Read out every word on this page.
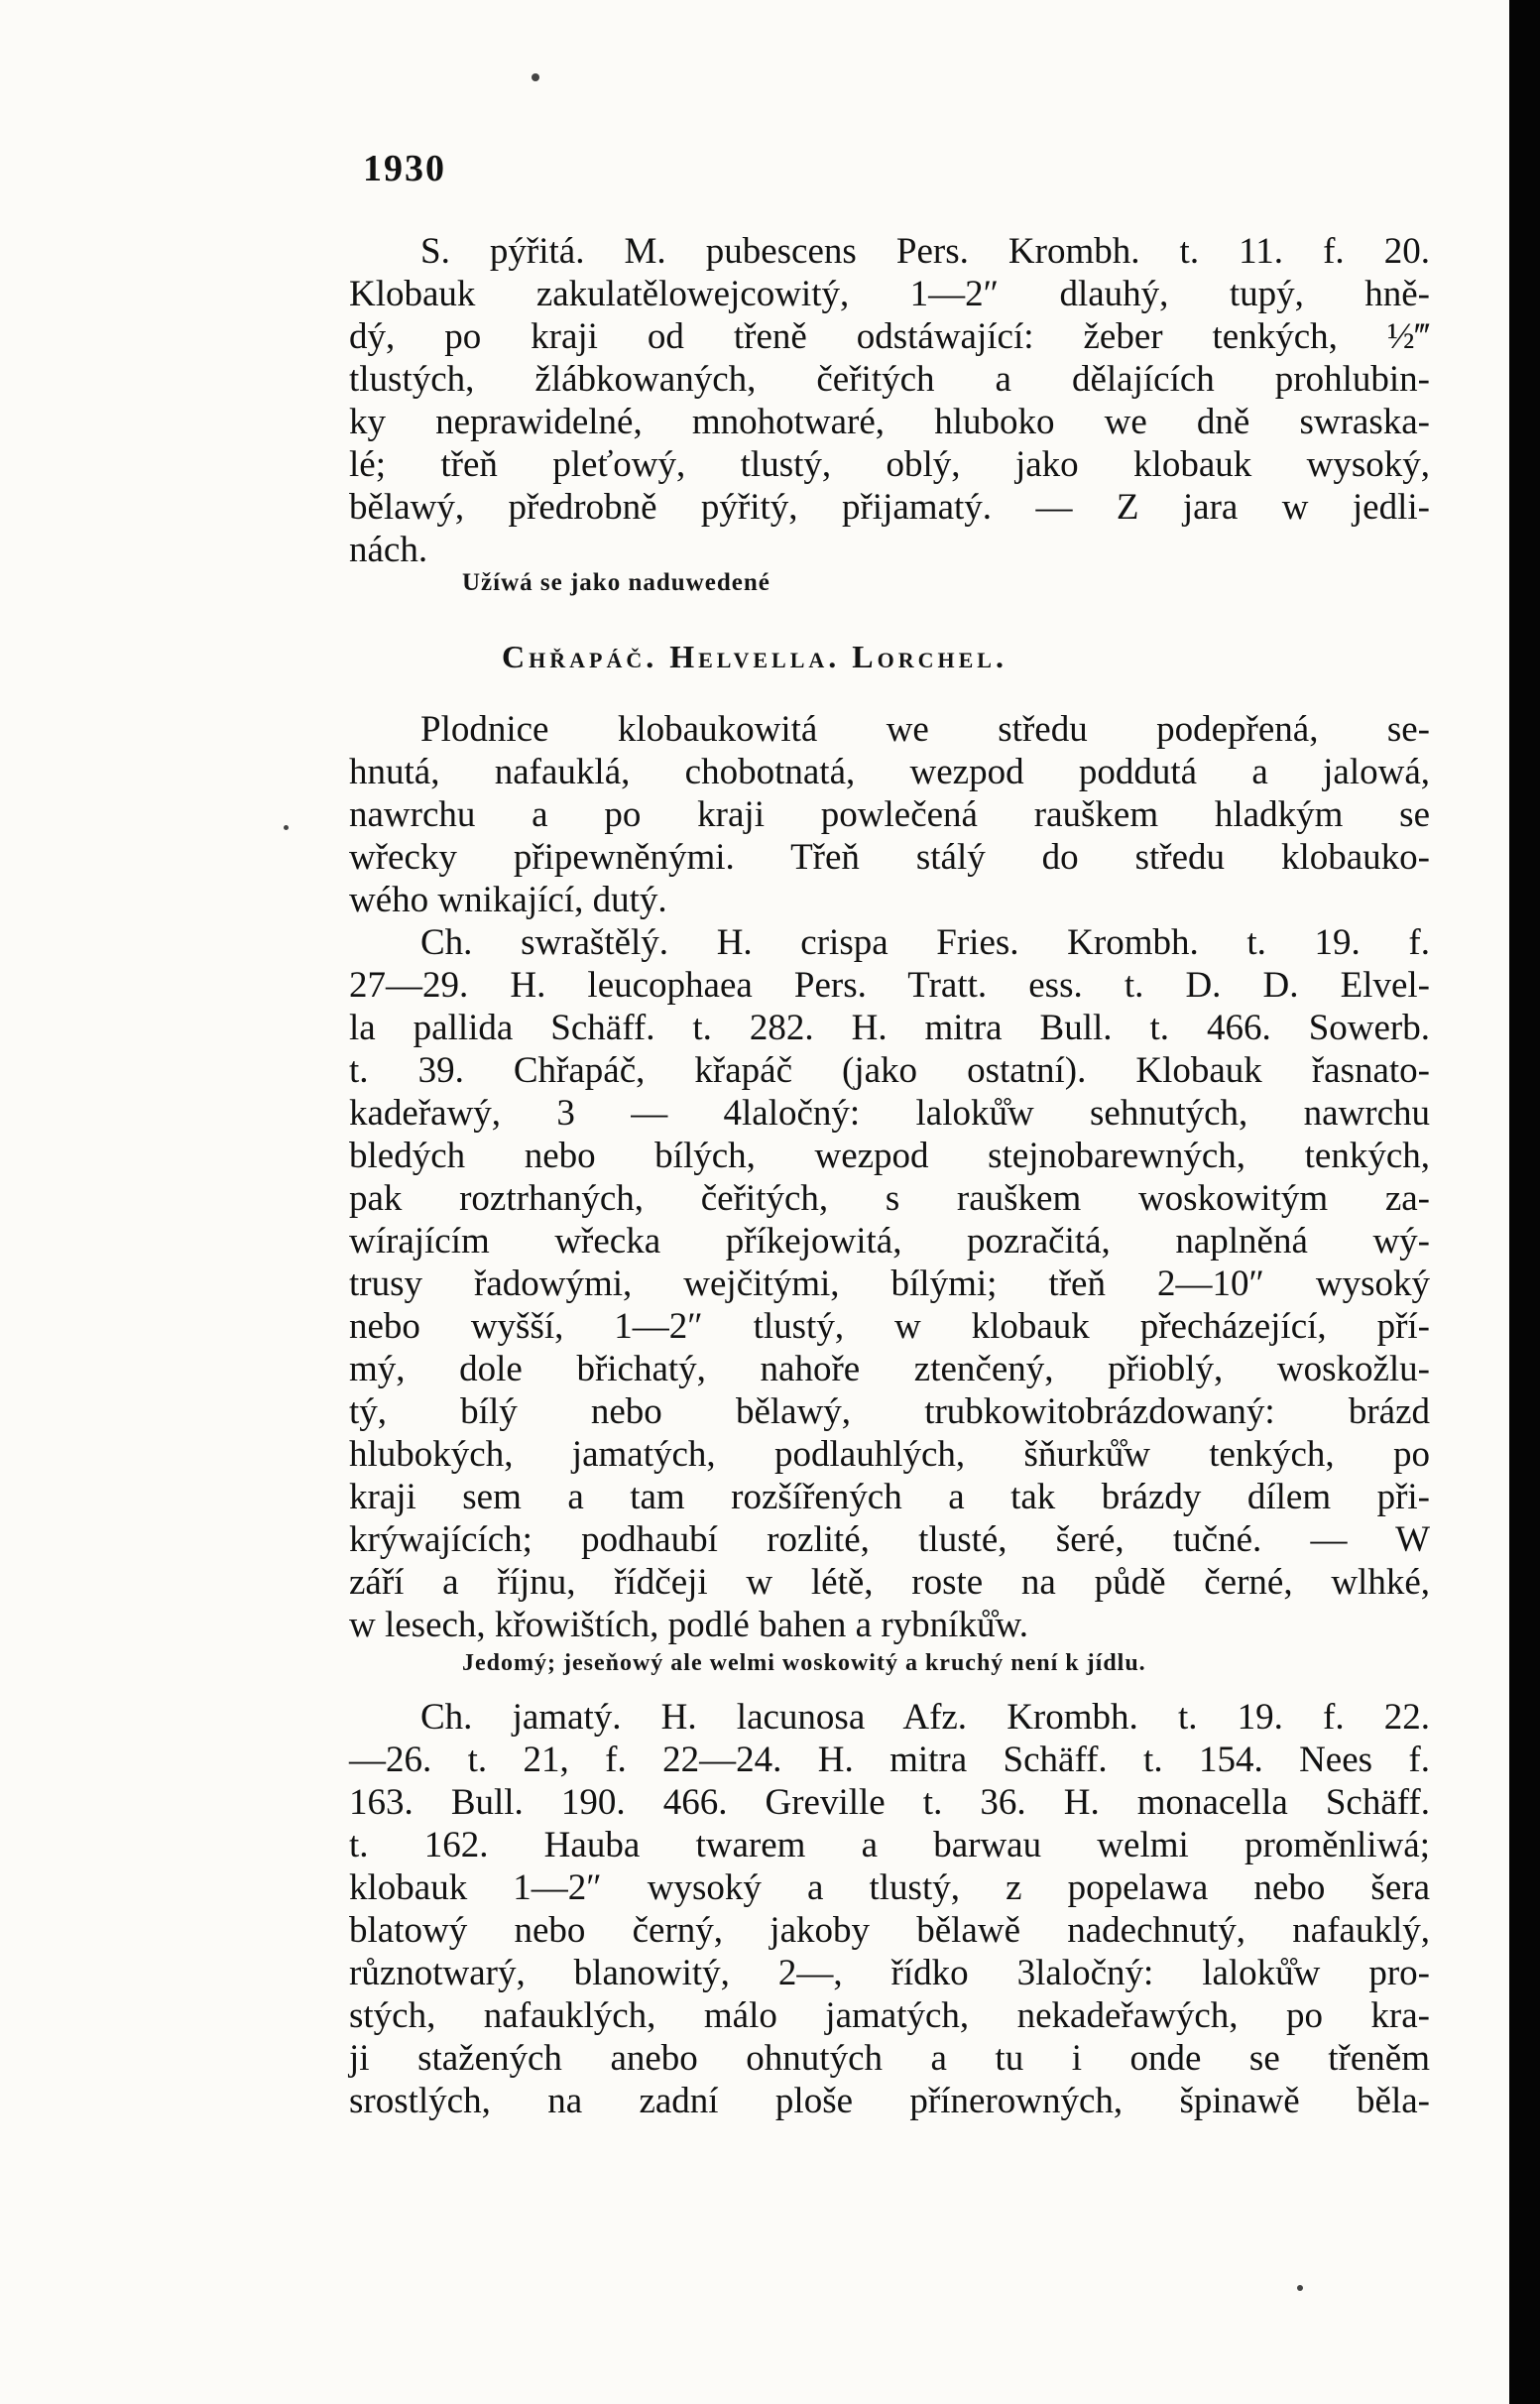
1930
S. pýřitá. M. pubescens Pers. Krombh. t. 11. f. 20.
Klobauk zakulatělowejcowitý, 1—2″ dlauhý, tupý, hně-
dý, po kraji od třeně odstáwající: žeber tenkých, ½‴
tlustých, žlábkowaných, čeřitých a dělajících prohlubin-
ky neprawidelné, mnohotwaré, hluboko we dně swraska-
lé; třeň pleťowý, tlustý, oblý, jako klobauk wysoký,
bělawý, předrobně pýřitý, přijamatý. — Z jara w jedli-
nách.
Užíwá se jako naduwedené
Chřapáč. Helvella. Lorchel.
Plodnice klobaukowitá we středu podepřená, se-
hnutá, nafauklá, chobotnatá, wezpod poddutá a jalowá,
nawrchu a po kraji powlečená rauškem hladkým se
wřecky připewněnými. Třeň stálý do středu klobauko-
wého wnikající, dutý.
Ch. swraštělý. H. crispa Fries. Krombh. t. 19. f.
27—29. H. leucophaea Pers. Tratt. ess. t. D. D. Elvel-
la pallida Schäff. t. 282. H. mitra Bull. t. 466. Sowerb.
t. 39. Chřapáč, křapáč (jako ostatní). Klobauk řasnato-
kadeřawý, 3 — 4laločný: laloků̊w sehnutých, nawrchu
bledých nebo bílých, wezpod stejnobarewných, tenkých,
pak roztrhaných, čeřitých, s rauškem woskowitým za-
wírajícím wřecka příkejowitá, pozračitá, naplněná wý-
trusy řadowými, wejčitými, bílými; třeň 2—10″ wysoký
nebo wyšší, 1—2″ tlustý, w klobauk přecházející, pří-
mý, dole břichatý, nahoře ztenčený, přioblý, woskožlu-
tý, bílý nebo bělawý, trubkowitobrázdowaný: brázd
hlubokých, jamatých, podlauhlých, šňurků̊w tenkých, po
kraji sem a tam rozšířených a tak brázdy dílem při-
krýwajících; podhaubí rozlité, tlusté, šeré, tučné. — W
září a říjnu, řídčeji w létě, roste na půdě černé, wlhké,
w lesech, křowištích, podlé bahen a rybníků̊w.
Jedomý; jeseňowý ale welmi woskowitý a kruchý není k jídlu.
Ch. jamatý. H. lacunosa Afz. Krombh. t. 19. f. 22.
—26. t. 21, f. 22—24. H. mitra Schäff. t. 154. Nees f.
163. Bull. 190. 466. Greville t. 36. H. monacella Schäff.
t. 162. Hauba twarem a barwau welmi proměnliwá;
klobauk 1—2″ wysoký a tlustý, z popelawa nebo šera
blatowý nebo černý, jakoby bělawě nadechnutý, nafauklý,
různotwarý, blanowitý, 2—, řídko 3laločný: laloků̊w pro-
stých, nafauklých, málo jamatých, nekadeřawých, po kra-
ji stažených anebo ohnutých a tu i onde se třeněm
srostlých, na zadní ploše přínerowných, špinawě běla-
